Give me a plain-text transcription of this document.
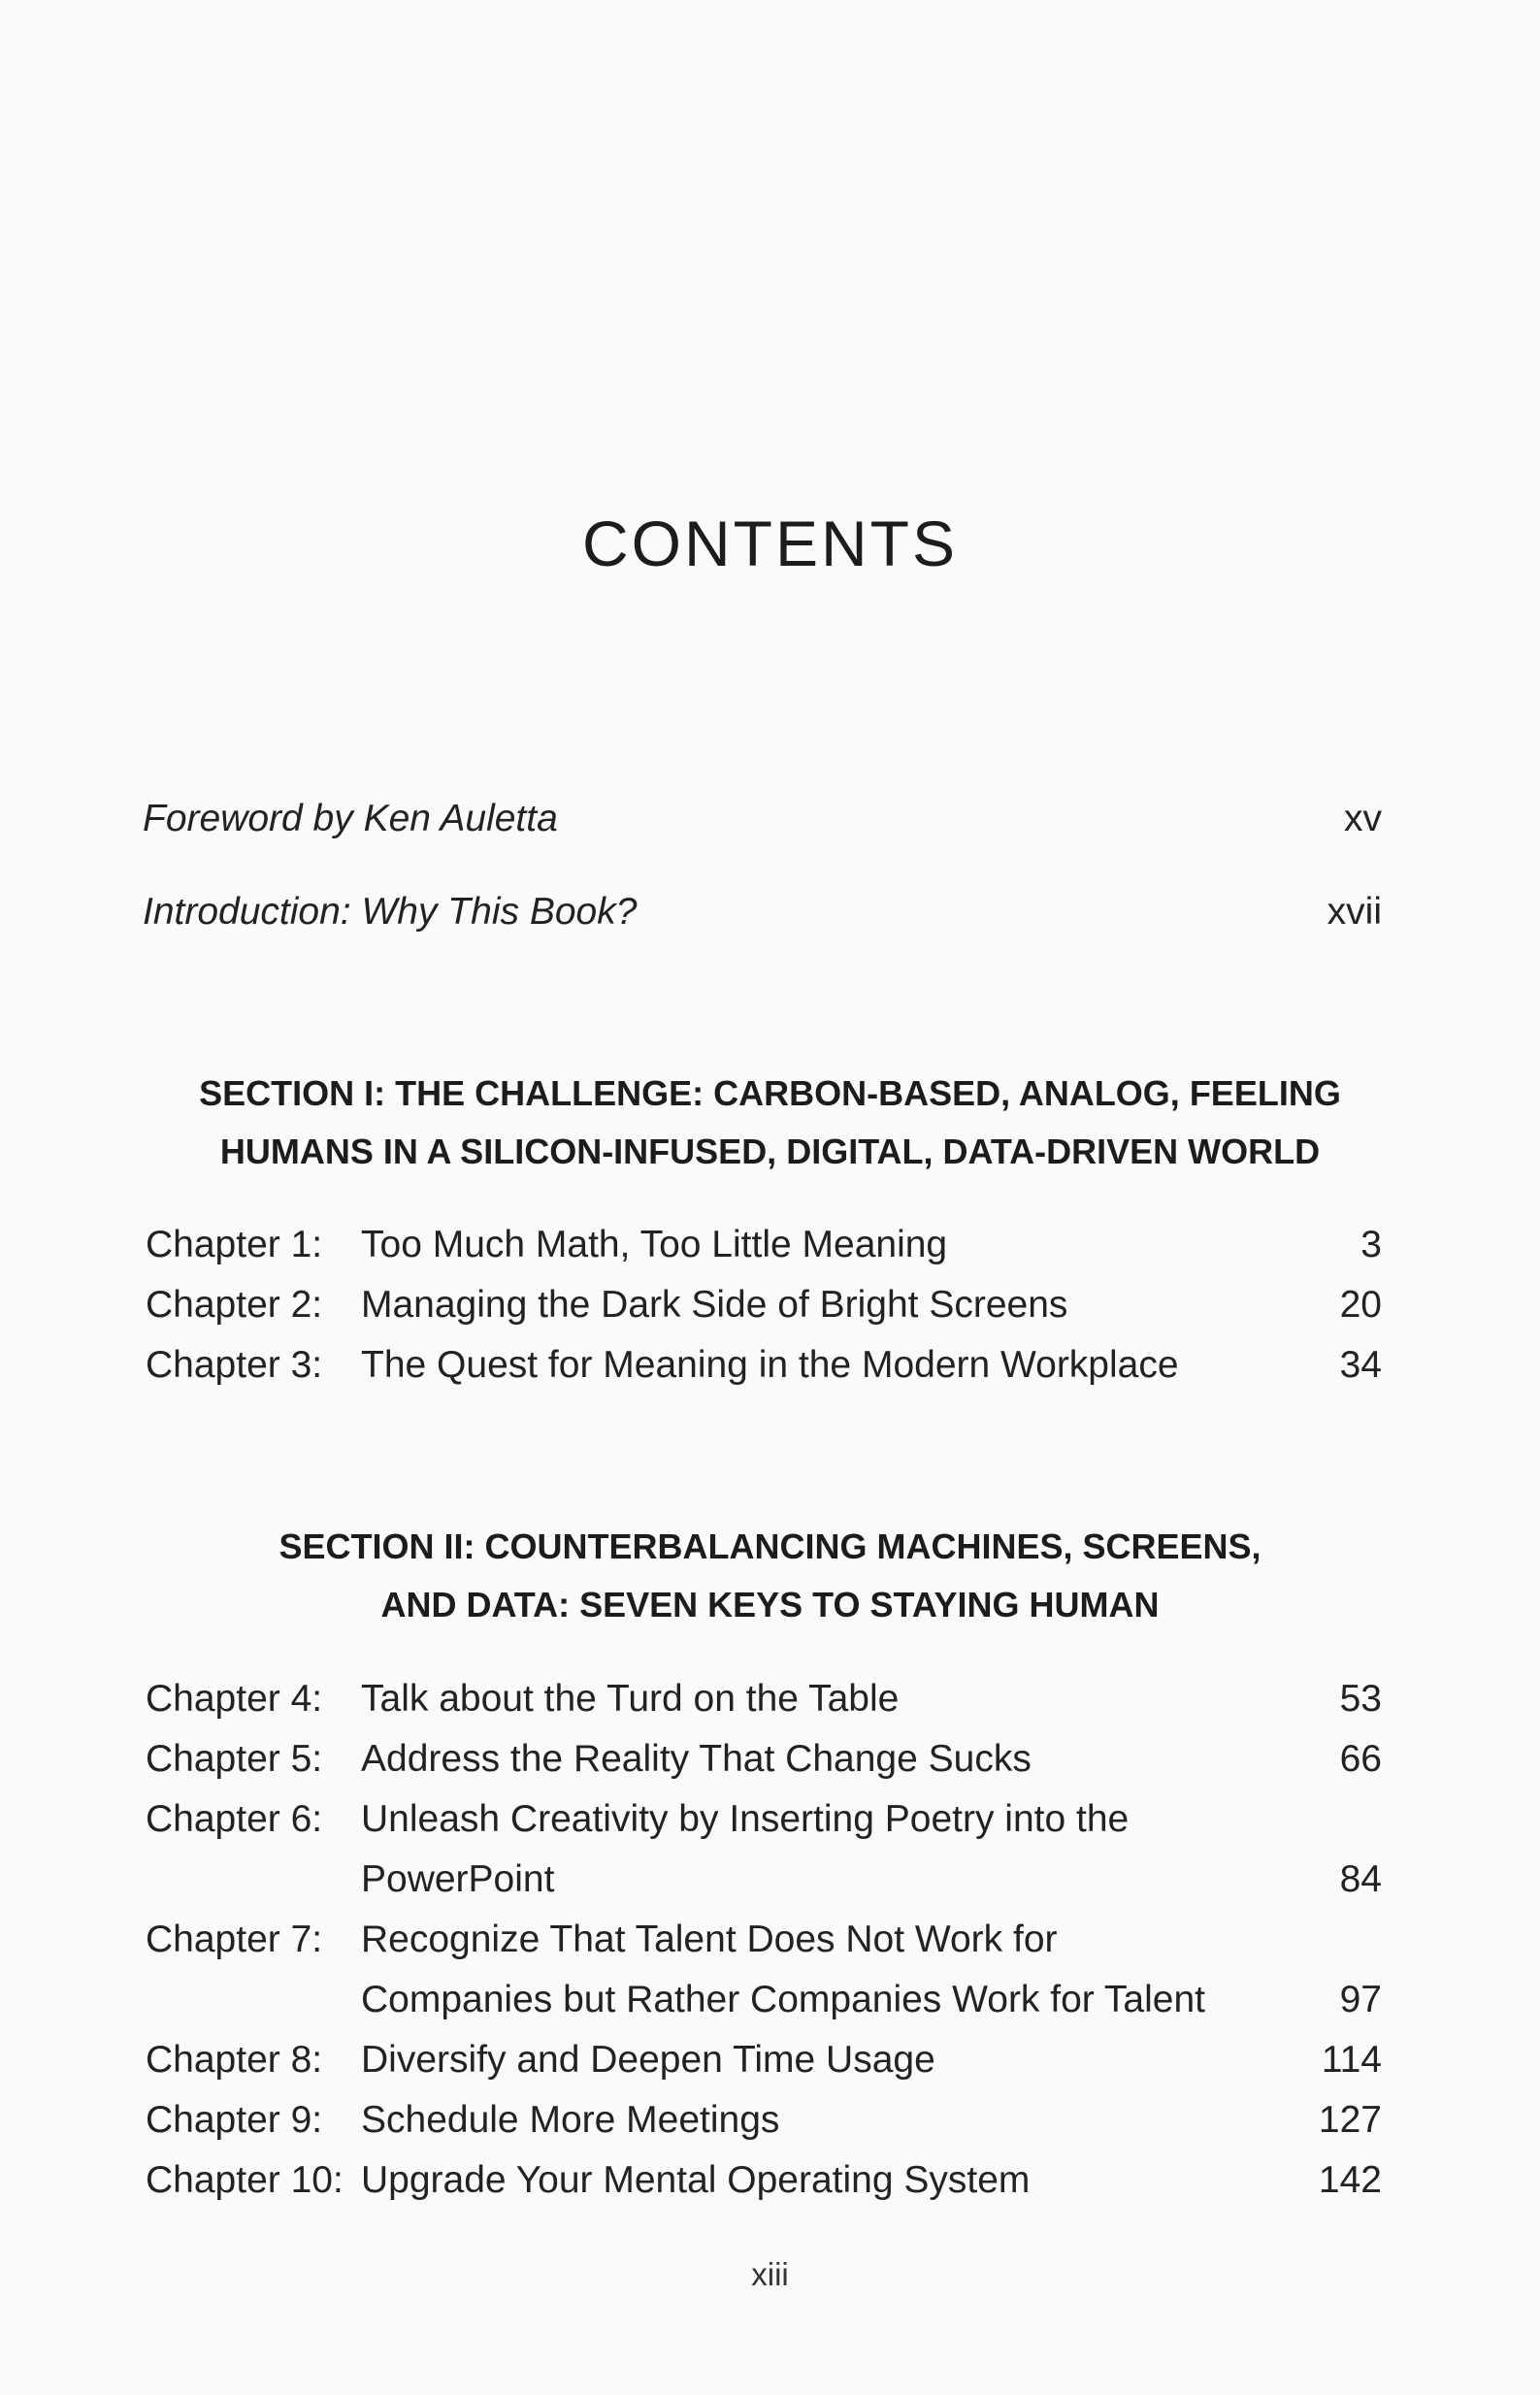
CONTENTS
Foreword by Ken Auletta	xv
Introduction: Why This Book?	xvii
SECTION I: THE CHALLENGE: CARBON-BASED, ANALOG, FEELING
HUMANS IN A SILICON-INFUSED, DIGITAL, DATA-DRIVEN WORLD
Chapter 1: Too Much Math, Too Little Meaning	3
Chapter 2: Managing the Dark Side of Bright Screens	20
Chapter 3: The Quest for Meaning in the Modern Workplace	34
SECTION II: COUNTERBALANCING MACHINES, SCREENS,
AND DATA: SEVEN KEYS TO STAYING HUMAN
Chapter 4: Talk about the Turd on the Table	53
Chapter 5: Address the Reality That Change Sucks	66
Chapter 6: Unleash Creativity by Inserting Poetry into the PowerPoint	84
Chapter 7: Recognize That Talent Does Not Work for Companies but Rather Companies Work for Talent	97
Chapter 8: Diversify and Deepen Time Usage	114
Chapter 9: Schedule More Meetings	127
Chapter 10: Upgrade Your Mental Operating System	142
xiii
